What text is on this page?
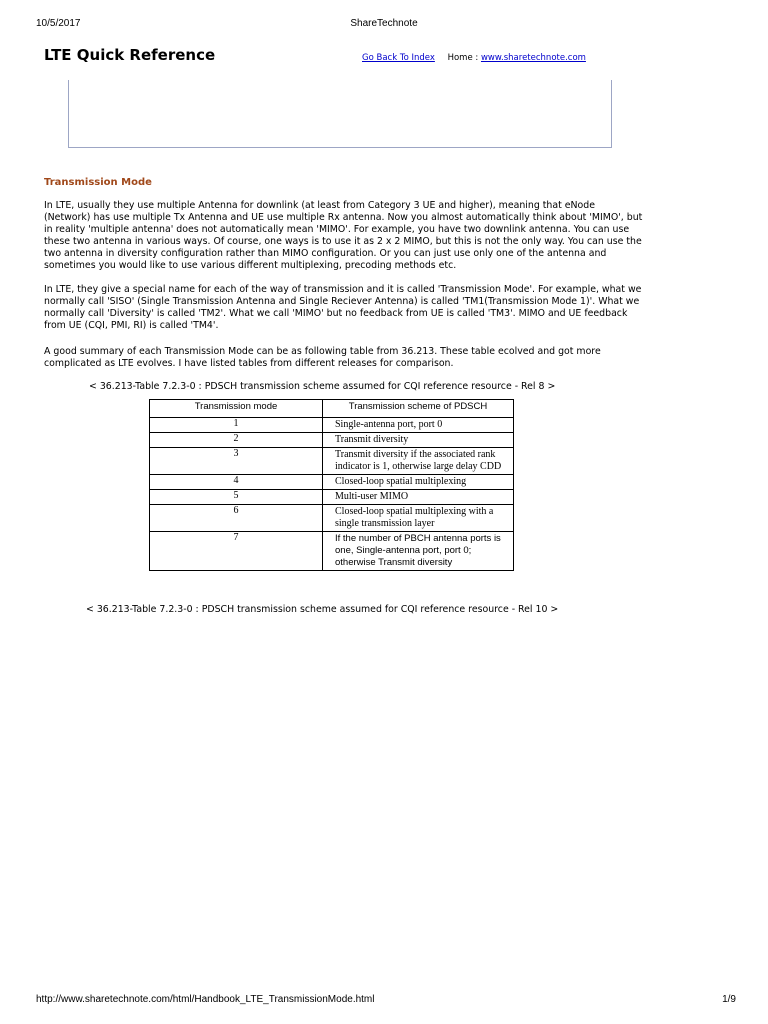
10/5/2017	ShareTechnote
LTE Quick Reference	Go Back To Index Home : www.sharetechnote.com
Transmission Mode

In LTE, usually they use multiple Antenna for downlink (at least from Category 3 UE and higher), meaning that eNode (Network) has use multiple Tx Antenna and UE use multiple Rx antenna. Now you almost automatically think about 'MIMO', but in reality 'multiple antenna' does not automatically mean 'MIMO'. For example, you have two downlink antenna. You can use these two antenna in various ways. Of course, one ways is to use it as 2 x 2 MIMO, but this is not the only way. You can use the two antenna in diversity configuration rather than MIMO configuration. Or you can just use only one of the antenna and sometimes you would like to use various different multiplexing, precoding methods etc.

In LTE, they give a special name for each of the way of transmission and it is called 'Transmission Mode'. For example, what we normally call 'SISO' (Single Transmission Antenna and Single Reciever Antenna) is called 'TM1(Transmission Mode 1)'. What we normally call 'Diversity' is called 'TM2'. What we call 'MIMO' but no feedback from UE is called 'TM3'. MIMO and UE feedback from UE (CQI, PMI, RI) is called 'TM4'.

A good summary of each Transmission Mode can be as following table from 36.213. These table ecolved and got more complicated as LTE evolves. I have listed tables from different releases for comparison.

< 36.213-Table 7.2.3-0 : PDSCH transmission scheme assumed for CQI reference resource - Rel 8 >
Transmission mode	Transmission scheme of PDSCH
1	Single-antenna port, port 0
2	Transmit diversity
3	Transmit diversity if the associated rank indicator is 1, otherwise large delay CDD
4	Closed-loop spatial multiplexing
5	Multi-user MIMO
6	Closed-loop spatial multiplexing with a single transmission layer
7	If the number of PBCH antenna ports is one, Single-antenna port, port 0; otherwise Transmit diversity
< 36.213-Table 7.2.3-0 : PDSCH transmission scheme assumed for CQI reference resource - Rel 10 >
http://www.sharetechnote.com/html/Handbook_LTE_TransmissionMode.html	1/9
